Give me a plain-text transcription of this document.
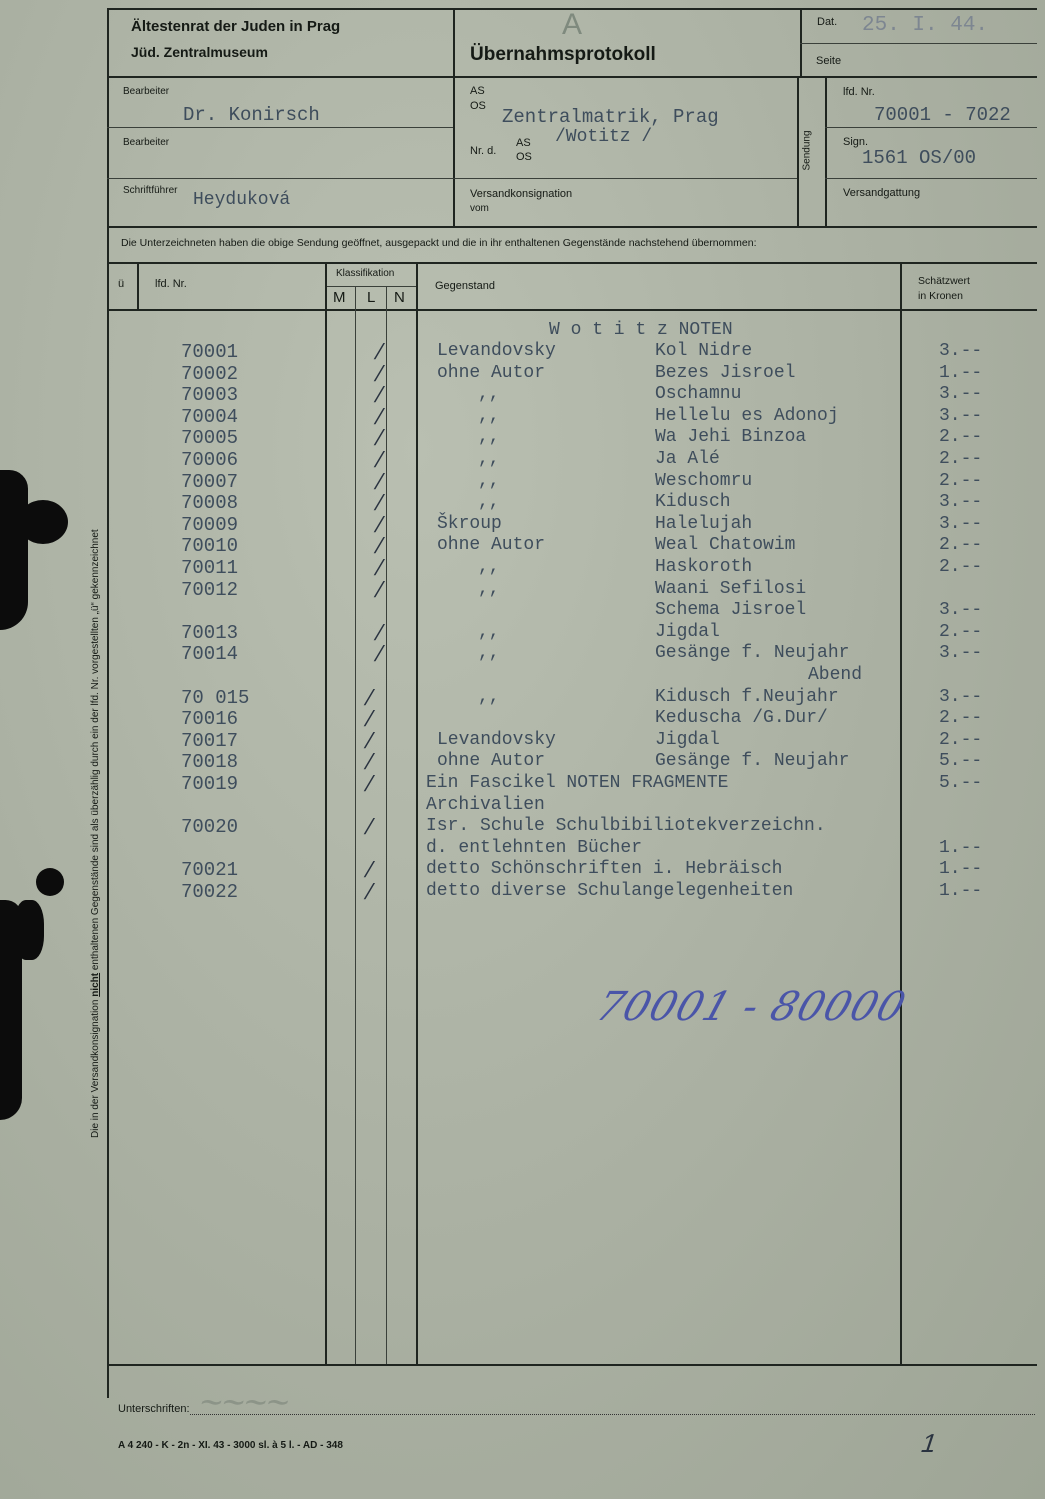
Ältestenrat der Juden in Prag
Jüd. Zentralmuseum	Übernahmsprotokoll
A	Dat. 25. I. 44.
Seite
Bearbeiter
Dr. Konirsch
Bearbeiter
Schriftführer Heyduková
AS
OS Zentralmatrik, Prag
/Wotitz /
Nr. d.
AS
OS
Versandkonsignation
vom
Sendung
lfd. Nr.
70001 - 7022
Sign.
1561 OS/00
Versandgattung
Die Unterzeichneten haben die obige Sendung geöffnet, ausgepackt und die in ihr enthaltenen Gegenstände nachstehend übernommen:
Die in der Versandkonsignation nicht enthaltenen Gegenstände sind als überzählig durch ein der lfd. Nr. vorgestellten „ü“ gekennzeichnet
ü	lfd. Nr.
Klassifikation
M L N
Gegenstand	Schätzwert
in Kronen
W o t i t z NOTEN
70001	/	Levandovsky	Kol Nidre	3.--
70002	/	ohne Autor	Bezes Jisroel	1.--
70003	/	,,	Oschamnu	3.--
70004	/	,,	Hellelu es Adonoj	3.--
70005	/	,,	Wa Jehi Binzoa	2.--
70006	/	,,	Ja Alé	2.--
70007	/	,,	Weschomru	2.--
70008	/	,,	Kidusch	3.--
70009	/	Škroup	Halelujah	3.--
70010	/	ohne Autor	Weal Chatowim	2.--
70011	/	,,	Haskoroth	2.--
70012	/	,,	Waani Sefilosi
Schema Jisroel	3.--
70013	/	,,	Jigdal	2.--
70014	/	,,	Gesänge f. Neujahr	3.--
Abend
70 015	/	,,	Kidusch f.Neujahr	3.--
70016	/	Keduscha /G.Dur/	2.--
70017	/	Levandovsky	Jigdal	2.--
70018	/	ohne Autor	Gesänge f. Neujahr	5.--
70019	/	Ein Fascikel NOTEN FRAGMENTE	5.--
Archivalien
70020	/	Isr. Schule Schulbibiliotekverzeichn.
d. entlehnten Bücher	1.--
70021	/	detto Schönschriften i. Hebräisch	1.--
70022	/	detto diverse Schulangelegenheiten	1.--
70001 - 80000
Unterschriften: ~~~~
A 4 240 - K - 2n - XI. 43 - 3000 sl. à 5 l. - AD - 348	1
